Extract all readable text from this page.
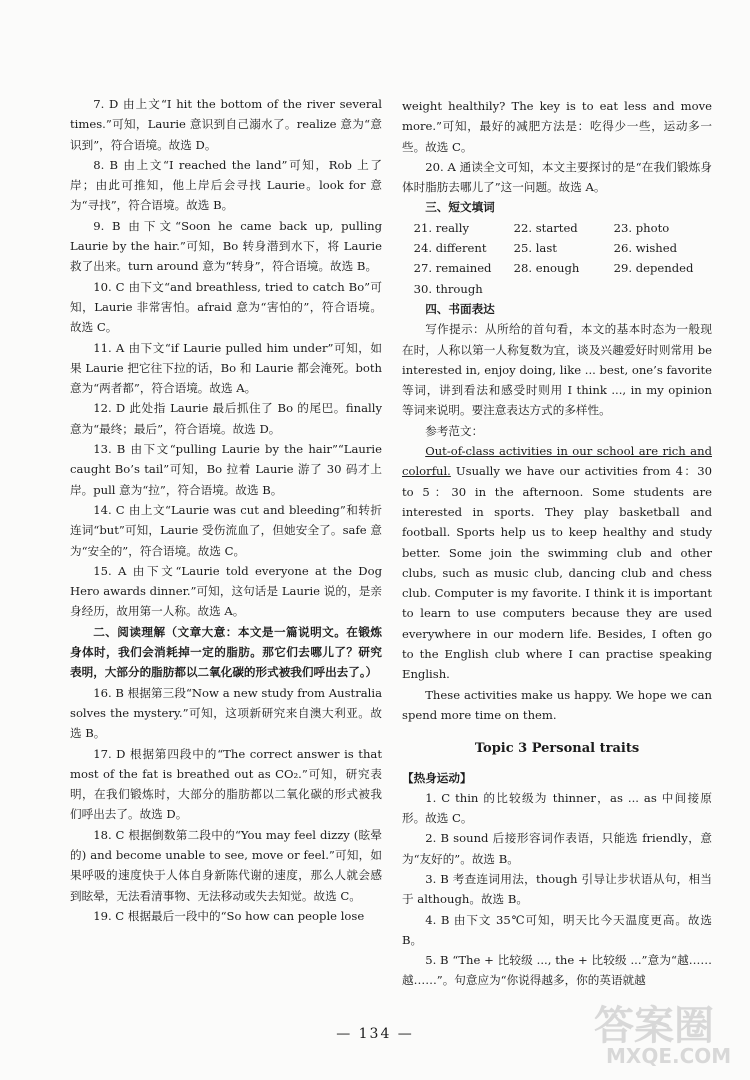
7. D 由上文“I hit the bottom of the river several times.”可知，Laurie 意识到自己溺水了。realize 意为“意识到”，符合语境。故选 D。

8. B 由上文“I reached the land”可知，Rob 上了岸；由此可推知，他上岸后会寻找 Laurie。look for 意为“寻找”，符合语境。故选 B。

9. B 由下文“Soon he came back up, pulling Laurie by the hair.”可知，Bo 转身潜到水下，将 Laurie 救了出来。turn around 意为“转身”，符合语境。故选 B。

10. C 由下文“and breathless, tried to catch Bo”可知，Laurie 非常害怕。afraid 意为“害怕的”，符合语境。故选 C。

11. A 由下文“if Laurie pulled him under”可知，如果 Laurie 把它往下拉的话，Bo 和 Laurie 都会淹死。both 意为“两者都”，符合语境。故选 A。

12. D 此处指 Laurie 最后抓住了 Bo 的尾巴。finally 意为“最终；最后”，符合语境。故选 D。

13. B 由下文“pulling Laurie by the hair”“Laurie caught Bo’s tail”可知，Bo 拉着 Laurie 游了 30 码才上岸。pull 意为“拉”，符合语境。故选 B。

14. C 由上文“Laurie was cut and bleeding”和转折连词“but”可知，Laurie 受伤流血了，但她安全了。safe 意为“安全的”，符合语境。故选 C。

15. A 由下文“Laurie told everyone at the Dog Hero awards dinner.”可知，这句话是 Laurie 说的，是亲身经历，故用第一人称。故选 A。

二、阅读理解（文章大意：本文是一篇说明文。在锻炼身体时，我们会消耗掉一定的脂肪。那它们去哪儿了？研究表明，大部分的脂肪都以二氧化碳的形式被我们呼出去了。）

16. B 根据第三段“Now a new study from Australia solves the mystery.”可知，这项新研究来自澳大利亚。故选 B。

17. D 根据第四段中的“The correct answer is that most of the fat is breathed out as CO₂.”可知，研究表明，在我们锻炼时，大部分的脂肪都以二氧化碳的形式被我们呼出去了。故选 D。

18. C 根据倒数第二段中的“You may feel dizzy (眩晕的) and become unable to see, move or feel.”可知，如果呼吸的速度快于人体自身新陈代谢的速度，那么人就会感到眩晕，无法看清事物、无法移动或失去知觉。故选 C。

19. C 根据最后一段中的“So how can people lose

weight healthily? The key is to eat less and move more.”可知，最好的减肥方法是：吃得少一些，运动多一些。故选 C。

20. A 通读全文可知，本文主要探讨的是“在我们锻炼身体时脂肪去哪儿了”这一问题。故选 A。

三、短文填词

21. really	22. started	23. photo
24. different	25. last	26. wished
27. remained	28. enough	29. depended
30. through

四、书面表达

写作提示：从所给的首句看，本文的基本时态为一般现在时，人称以第一人称复数为宜，谈及兴趣爱好时则常用 be interested in, enjoy doing, like ... best, one’s favorite 等词，讲到看法和感受时则用 I think ..., in my opinion 等词来说明。要注意表达方式的多样性。

参考范文：

Out-of-class activities in our school are rich and colorful. Usually we have our activities from 4：30 to 5：30 in the afternoon. Some students are interested in sports. They play basketball and football. Sports help us to keep healthy and study better. Some join the swimming club and other clubs, such as music club, dancing club and chess club. Computer is my favorite. I think it is important to learn to use computers because they are used everywhere in our modern life. Besides, I often go to the English club where I can practise speaking English.

These activities make us happy. We hope we can spend more time on them.

Topic 3 Personal traits

【热身运动】

1. C thin 的比较级为 thinner，as ... as 中间接原形。故选 C。

2. B sound 后接形容词作表语，只能选 friendly，意为“友好的”。故选 B。

3. B 考查连词用法，though 引导让步状语从句，相当于 although。故选 B。

4. B 由下文 35℃可知，明天比今天温度更高。故选 B。

5. B “The + 比较级 ..., the + 比较级 ...”意为“越……越……”。句意应为“你说得越多，你的英语就越

— 134 —	答案圈
MXQE.COM
